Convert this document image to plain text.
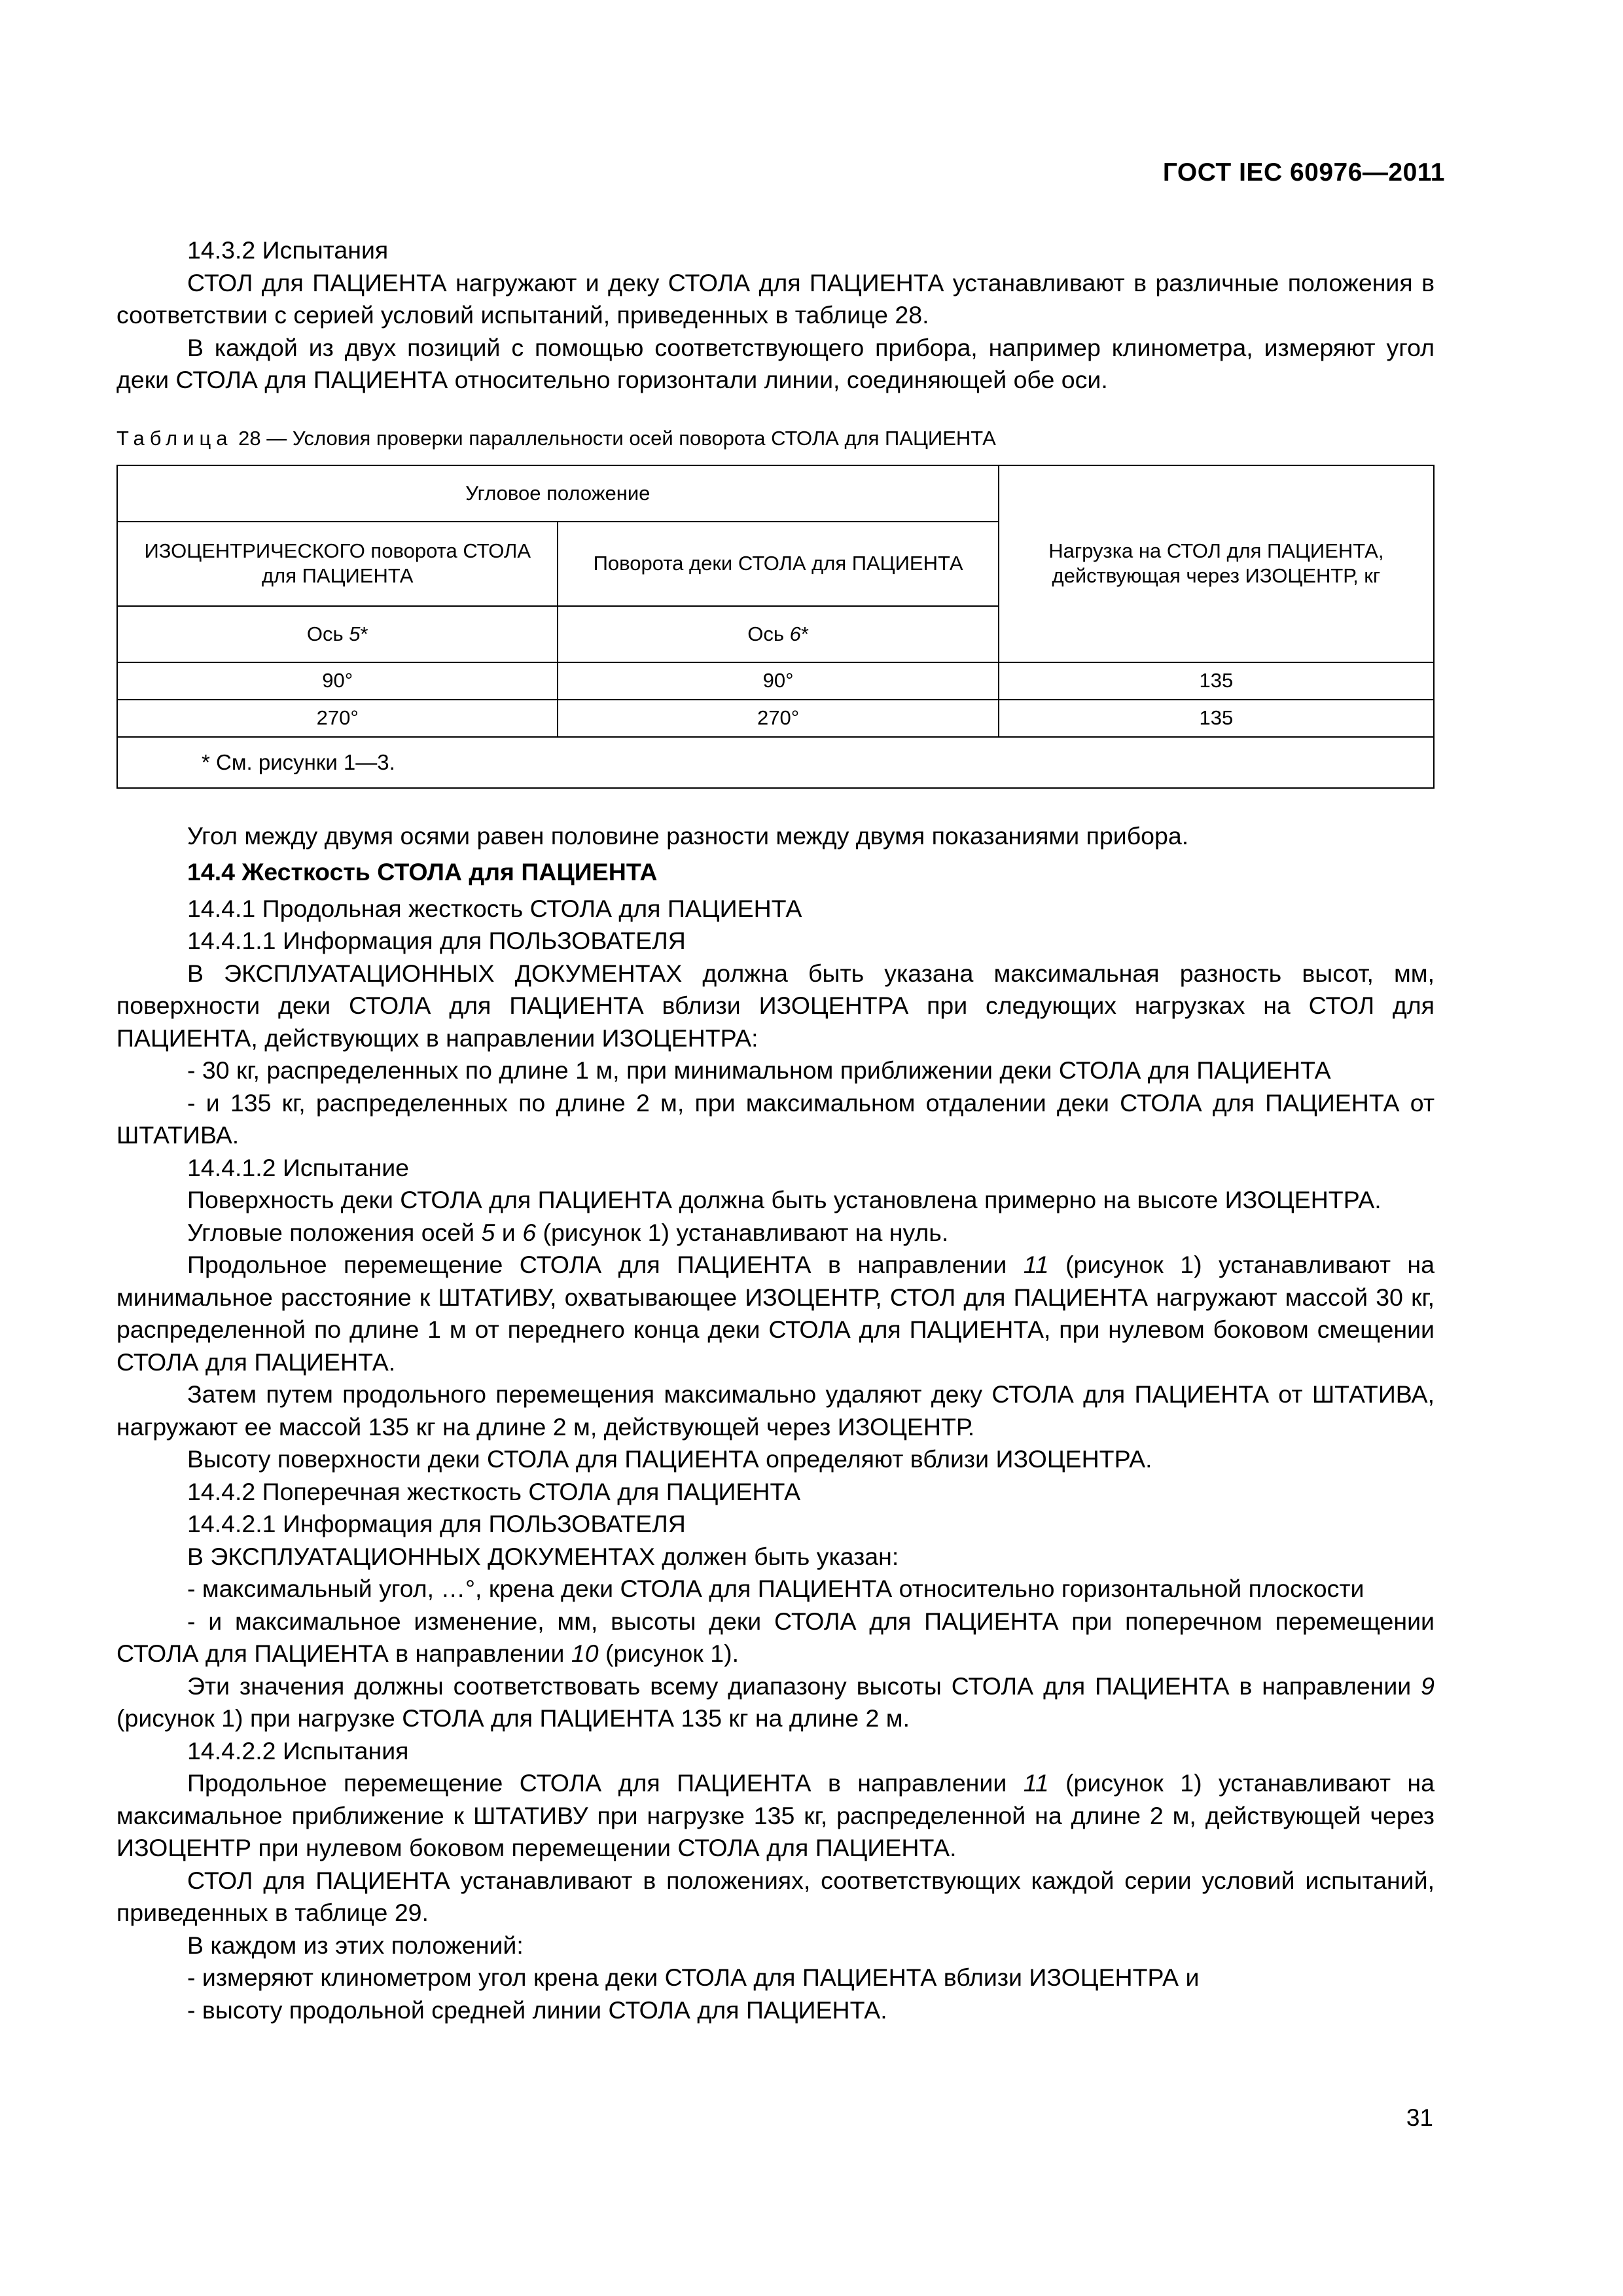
ГОСТ IEC 60976—2011

14.3.2 Испытания

СТОЛ для ПАЦИЕНТА нагружают и деку СТОЛА для ПАЦИЕНТА устанавливают в различные положения в соответствии с серией условий испытаний, приведенных в таблице 28.

В каждой из двух позиций с помощью соответствующего прибора, например клинометра, измеряют угол деки СТОЛА для ПАЦИЕНТА относительно горизонтали линии, соединяющей обе оси.

Таблица 28 — Условия проверки параллельности осей поворота СТОЛА для ПАЦИЕНТА

Угловое положение		Нагрузка на СТОЛ для ПАЦИЕНТА, действующая через ИЗОЦЕНТР, кг
ИЗОЦЕНТРИЧЕСКОГО поворота СТОЛА для ПАЦИЕНТА	Поворота деки СТОЛА для ПАЦИЕНТА	
Ось 5*	Ось 6*	
90°	90°	135
270°	270°	135
* См. рисунки 1—3.		

Угол между двумя осями равен половине разности между двумя показаниями прибора.

14.4 Жесткость СТОЛА для ПАЦИЕНТА

14.4.1 Продольная жесткость СТОЛА для ПАЦИЕНТА

14.4.1.1 Информация для ПОЛЬЗОВАТЕЛЯ

В ЭКСПЛУАТАЦИОННЫХ ДОКУМЕНТАХ должна быть указана максимальная разность высот, мм, поверхности деки СТОЛА для ПАЦИЕНТА вблизи ИЗОЦЕНТРА при следующих нагрузках на СТОЛ для ПАЦИЕНТА, действующих в направлении ИЗОЦЕНТРА:

- 30 кг, распределенных по длине 1 м, при минимальном приближении деки СТОЛА для ПАЦИЕНТА

- и 135 кг, распределенных по длине 2 м, при максимальном отдалении деки СТОЛА для ПАЦИЕНТА от ШТАТИВА.

14.4.1.2 Испытание

Поверхность деки СТОЛА для ПАЦИЕНТА должна быть установлена примерно на высоте ИЗОЦЕНТРА.

Угловые положения осей 5 и 6 (рисунок 1) устанавливают на нуль.

Продольное перемещение СТОЛА для ПАЦИЕНТА в направлении 11 (рисунок 1) устанавливают на минимальное расстояние к ШТАТИВУ, охватывающее ИЗОЦЕНТР, СТОЛ для ПАЦИЕНТА нагружают массой 30 кг, распределенной по длине 1 м от переднего конца деки СТОЛА для ПАЦИЕНТА, при нулевом боковом смещении СТОЛА для ПАЦИЕНТА.

Затем путем продольного перемещения максимально удаляют деку СТОЛА для ПАЦИЕНТА от ШТАТИВА, нагружают ее массой 135 кг на длине 2 м, действующей через ИЗОЦЕНТР.

Высоту поверхности деки СТОЛА для ПАЦИЕНТА определяют вблизи ИЗОЦЕНТРА.

14.4.2 Поперечная жесткость СТОЛА для ПАЦИЕНТА

14.4.2.1 Информация для ПОЛЬЗОВАТЕЛЯ

В ЭКСПЛУАТАЦИОННЫХ ДОКУМЕНТАХ должен быть указан:

- максимальный угол, …°, крена деки СТОЛА для ПАЦИЕНТА относительно горизонтальной плоскости

- и максимальное изменение, мм, высоты деки СТОЛА для ПАЦИЕНТА при поперечном перемещении СТОЛА для ПАЦИЕНТА в направлении 10 (рисунок 1).

Эти значения должны соответствовать всему диапазону высоты СТОЛА для ПАЦИЕНТА в направлении 9 (рисунок 1) при нагрузке СТОЛА для ПАЦИЕНТА 135 кг на длине 2 м.

14.4.2.2 Испытания

Продольное перемещение СТОЛА для ПАЦИЕНТА в направлении 11 (рисунок 1) устанавливают на максимальное приближение к ШТАТИВУ при нагрузке 135 кг, распределенной на длине 2 м, действующей через ИЗОЦЕНТР при нулевом боковом перемещении СТОЛА для ПАЦИЕНТА.

СТОЛ для ПАЦИЕНТА устанавливают в положениях, соответствующих каждой серии условий испытаний, приведенных в таблице 29.

В каждом из этих положений:

- измеряют клинометром угол крена деки СТОЛА для ПАЦИЕНТА вблизи ИЗОЦЕНТРА и

- высоту продольной средней линии СТОЛА для ПАЦИЕНТА.

31
